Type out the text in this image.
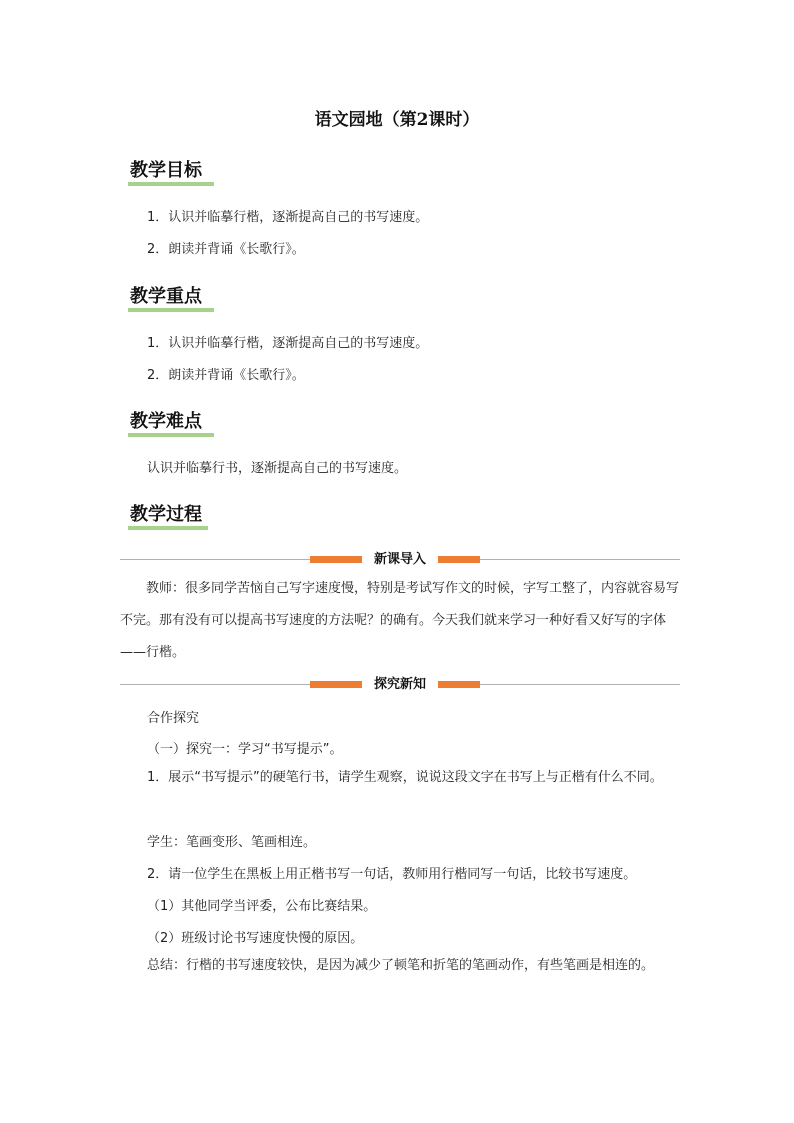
语文园地（第2课时）
教学目标
1．认识并临摹行楷，逐渐提高自己的书写速度。
2．朗读并背诵《长歌行》。
教学重点
1．认识并临摹行楷，逐渐提高自己的书写速度。
2．朗读并背诵《长歌行》。
教学难点
认识并临摹行书，逐渐提高自己的书写速度。
教学过程
新课导入

教师：很多同学苦恼自己写字速度慢，特别是考试写作文的时候，字写工整了，内容就容易写不完。那有没有可以提高书写速度的方法呢？的确有。今天我们就来学习一种好看又好写的字体——行楷。

探究新知
合作探究
（一）探究一：学习“书写提示”。

1．展示“书写提示”的硬笔行书，请学生观察，说说这段文字在书写上与正楷有什么不同。

学生：笔画变形、笔画相连。
2．请一位学生在黑板上用正楷书写一句话，教师用行楷同写一句话，比较书写速度。
（1）其他同学当评委，公布比赛结果。
（2）班级讨论书写速度快慢的原因。

总结：行楷的书写速度较快，是因为减少了顿笔和折笔的笔画动作，有些笔画是相连的。
